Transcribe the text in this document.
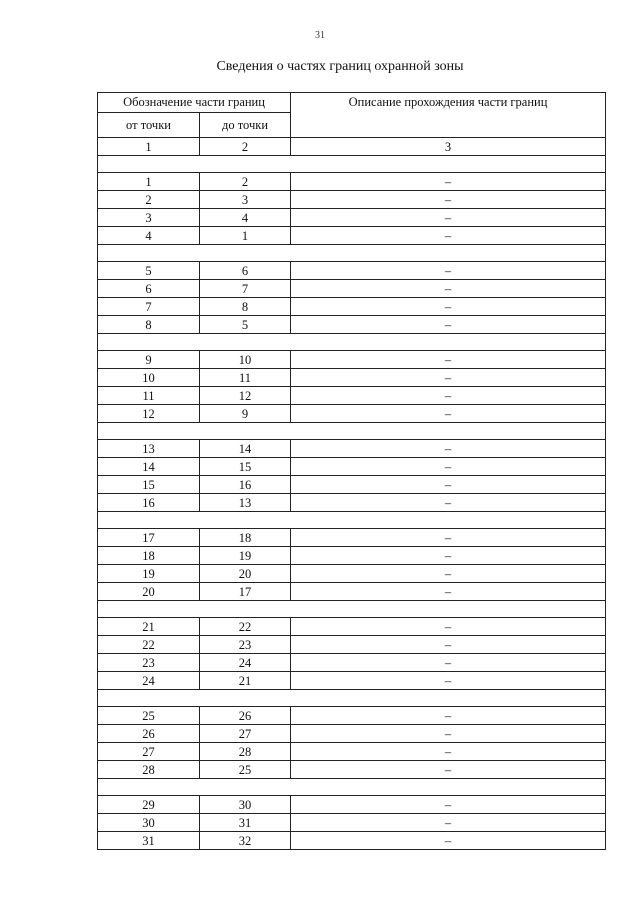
31
Сведения о частях границ охранной зоны
Обозначение части границ		Описание прохождения части границ
от точки	до точки	
1	2	3

1	2	–
2	3	–
3	4	–
4	1	–

5	6	–
6	7	–
7	8	–
8	5	–

9	10	–
10	11	–
11	12	–
12	9	–

13	14	–
14	15	–
15	16	–
16	13	–

17	18	–
18	19	–
19	20	–
20	17	–

21	22	–
22	23	–
23	24	–
24	21	–

25	26	–
26	27	–
27	28	–
28	25	–

29	30	–
30	31	–
31	32	–
